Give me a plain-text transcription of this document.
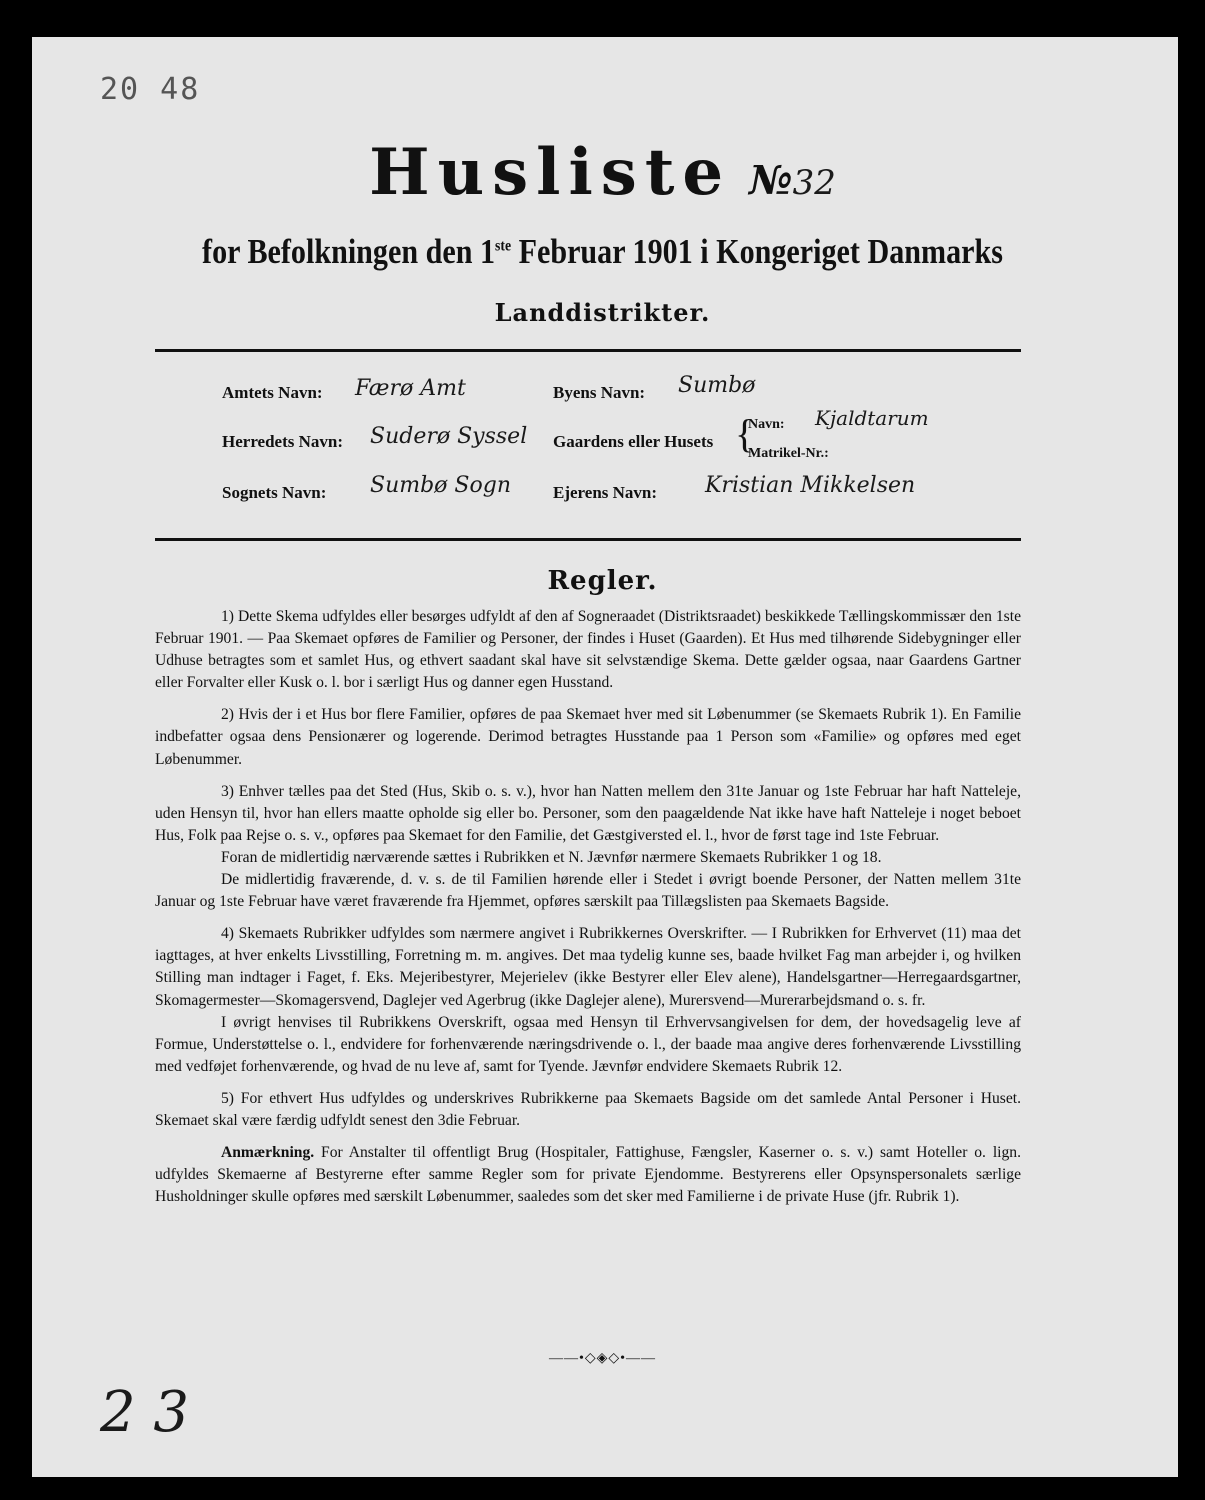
20 48
Husliste №32
for Befolkningen den 1ste Februar 1901 i Kongeriget Danmarks
Landdistrikter.
Amtets Navn: Færø Amt	Byens Navn: Sumbø
Herredets Navn: Suderø Syssel Gaardens eller Husets {
Navn: Kjaldtarum
Matrikel-Nr.:
Sognets Navn: Sumbø Sogn Ejerens Navn: Kristian Mikkelsen
Regler.

1) Dette Skema udfyldes eller besørges udfyldt af den af Sogneraadet (Distriktsraadet) beskikkede Tællingskommissær den 1ste Februar 1901. — Paa Skemaet opføres de Familier og Personer, der findes i Huset (Gaarden). Et Hus med tilhørende Sidebygninger eller Udhuse betragtes som et samlet Hus, og ethvert saadant skal have sit selvstændige Skema. Dette gælder ogsaa, naar Gaardens Gartner eller Forvalter eller Kusk o. l. bor i særligt Hus og danner egen Husstand.

2) Hvis der i et Hus bor flere Familier, opføres de paa Skemaet hver med sit Løbenummer (se Skemaets Rubrik 1). En Familie indbefatter ogsaa dens Pensionærer og logerende. Derimod betragtes Husstande paa 1 Person som «Familie» og opføres med eget Løbenummer.

3) Enhver tælles paa det Sted (Hus, Skib o. s. v.), hvor han Natten mellem den 31te Januar og 1ste Februar har haft Natteleje, uden Hensyn til, hvor han ellers maatte opholde sig eller bo. Personer, som den paagældende Nat ikke have haft Natteleje i noget beboet Hus, Folk paa Rejse o. s. v., opføres paa Skemaet for den Familie, det Gæstgiversted el. l., hvor de først tage ind 1ste Februar.

Foran de midlertidig nærværende sættes i Rubrikken et N. Jævnfør nærmere Skemaets Rubrikker 1 og 18.

De midlertidig fraværende, d. v. s. de til Familien hørende eller i Stedet i øvrigt boende Personer, der Natten mellem 31te Januar og 1ste Februar have været fraværende fra Hjemmet, opføres særskilt paa Tillægslisten paa Skemaets Bagside.

4) Skemaets Rubrikker udfyldes som nærmere angivet i Rubrikkernes Overskrifter. — I Rubrikken for Erhvervet (11) maa det iagttages, at hver enkelts Livsstilling, Forretning m. m. angives. Det maa tydelig kunne ses, baade hvilket Fag man arbejder i, og hvilken Stilling man indtager i Faget, f. Eks. Mejeribestyrer, Mejerielev (ikke Bestyrer eller Elev alene), Handelsgartner—Herregaardsgartner, Skomagermester—Skomagersvend, Daglejer ved Agerbrug (ikke Daglejer alene), Murersvend—Murerarbejdsmand o. s. fr.

I øvrigt henvises til Rubrikkens Overskrift, ogsaa med Hensyn til Erhvervsangivelsen for dem, der hovedsagelig leve af Formue, Understøttelse o. l., endvidere for forhenværende næringsdrivende o. l., der baade maa angive deres forhenværende Livsstilling med vedføjet forhenværende, og hvad de nu leve af, samt for Tyende. Jævnfør endvidere Skemaets Rubrik 12.

5) For ethvert Hus udfyldes og underskrives Rubrikkerne paa Skemaets Bagside om det samlede Antal Personer i Huset. Skemaet skal være færdig udfyldt senest den 3die Februar.

Anmærkning. For Anstalter til offentligt Brug (Hospitaler, Fattighuse, Fængsler, Kaserner o. s. v.) samt Hoteller o. lign. udfyldes Skemaerne af Bestyrerne efter samme Regler som for private Ejendomme. Bestyrerens eller Opsynspersonalets særlige Husholdninger skulle opføres med særskilt Løbenummer, saaledes som det sker med Familierne i de private Huse (jfr. Rubrik 1).

——•◇◈◇•——
2 3
